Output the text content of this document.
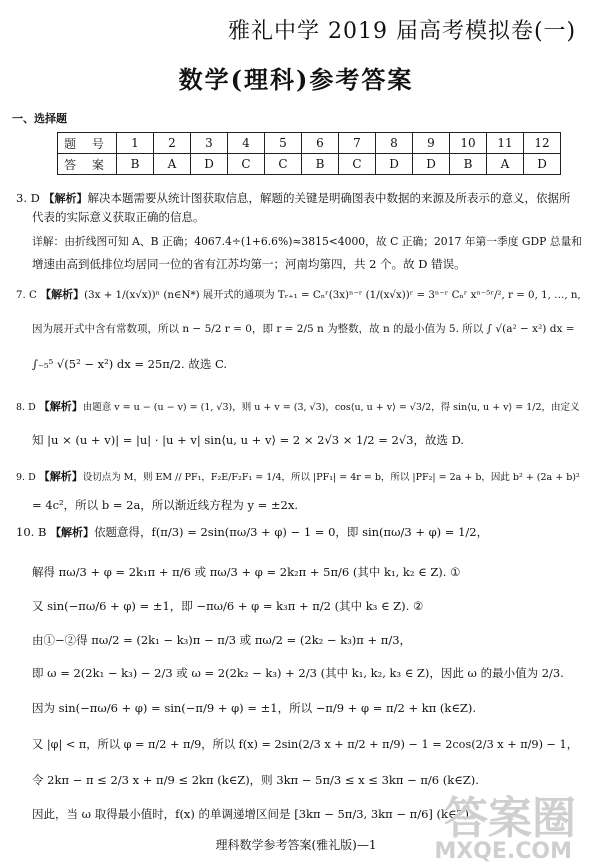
雅礼中学 2019 届高考模拟卷(一)
数学(理科)参考答案
一、选择题
题 号	1	2	3	4	5	6	7	8	9	10	11	12
答 案	B	A	D	C	C	B	C	D	D	B	A	D
3. D 【解析】解决本题需要从统计图获取信息，解题的关键是明确图表中数据的来源及所表示的意义，依据所
代表的实际意义获取正确的信息。
详解：由折线图可知 A、B 正确；4067.4÷(1+6.6%)≈3815<4000，故 C 正确；2017 年第一季度 GDP 总量和
增速由高到低排位均居同一位的省有江苏均第一；河南均第四，共 2 个。故 D 错误。
7. C 【解析】(3x + 1/(x√x))ⁿ (n∈N*) 展开式的通项为 Tᵣ₊₁ = Cₙʳ(3x)ⁿ⁻ʳ (1/(x√x))ʳ = 3ⁿ⁻ʳ Cₙʳ xⁿ⁻⁵ʳ/², r = 0, 1, …, n,
因为展开式中含有常数项，所以 n − 5/2 r = 0，即 r = 2/5 n 为整数，故 n 的最小值为 5. 所以 ∫ √(a² − x²) dx =
∫₋₅⁵ √(5² − x²) dx = 25π/2. 故选 C.
8. D 【解析】由题意 v = u − (u − v) = (1, √3)，则 u + v = (3, √3)，cos⟨u, u + v⟩ = √3/2，得 sin⟨u, u + v⟩ = 1/2，由定义
知 |u × (u + v)| = |u| · |u + v| sin⟨u, u + v⟩ = 2 × 2√3 × 1/2 = 2√3，故选 D.
9. D 【解析】设切点为 M，则 EM // PF₁，F₂E/F₂F₁ = 1/4，所以 |PF₁| = 4r = b，所以 |PF₂| = 2a + b，因此 b² + (2a + b)²
= 4c²，所以 b = 2a，所以渐近线方程为 y = ±2x.
10. B 【解析】依题意得，f(π/3) = 2sin(πω/3 + φ) − 1 = 0，即 sin(πω/3 + φ) = 1/2，
解得 πω/3 + φ = 2k₁π + π/6 或 πω/3 + φ = 2k₂π + 5π/6 (其中 k₁, k₂ ∈ Z). ①
又 sin(−πω/6 + φ) = ±1，即 −πω/6 + φ = k₃π + π/2 (其中 k₃ ∈ Z). ②
由①−②得 πω/2 = (2k₁ − k₃)π − π/3 或 πω/2 = (2k₂ − k₃)π + π/3，
即 ω = 2(2k₁ − k₃) − 2/3 或 ω = 2(2k₂ − k₃) + 2/3 (其中 k₁, k₂, k₃ ∈ Z)，因此 ω 的最小值为 2/3.
因为 sin(−πω/6 + φ) = sin(−π/9 + φ) = ±1，所以 −π/9 + φ = π/2 + kπ (k∈Z).
又 |φ| < π，所以 φ = π/2 + π/9，所以 f(x) = 2sin(2/3 x + π/2 + π/9) − 1 = 2cos(2/3 x + π/9) − 1，
令 2kπ − π ≤ 2/3 x + π/9 ≤ 2kπ (k∈Z)，则 3kπ − 5π/3 ≤ x ≤ 3kπ − π/6 (k∈Z).
因此，当 ω 取得最小值时，f(x) 的单调递增区间是 [3kπ − 5π/3, 3kπ − π/6] (k∈Z).
理科数学参考答案(雅礼版)—1
答案圈
MXQE.COM
